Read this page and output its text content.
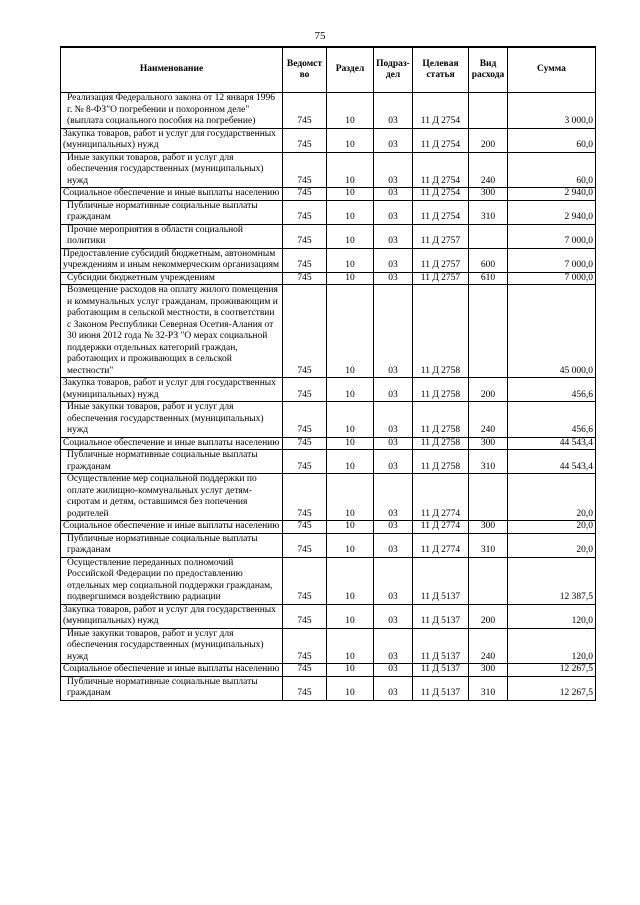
75
Наименование	Ведомст во	Раздел	Подраз- дел	Целевая статья	Вид расхода	Сумма
Реализация Федерального закона от 12 января 1996 г. № 8-ФЗ"О погребении и похоронном деле" (выплата социального пособия на погребение)	745	10	03	11 Д 2754		3 000,0
Закупка товаров, работ и услуг для государственных (муниципальных) нужд	745	10	03	11 Д 2754	200	60,0
Иные закупки товаров, работ и услуг для обеспечения государственных (муниципальных) нужд	745	10	03	11 Д 2754	240	60,0
Социальное обеспечение и иные выплаты населению	745	10	03	11 Д 2754	300	2 940,0
Публичные нормативные социальные выплаты гражданам	745	10	03	11 Д 2754	310	2 940,0
Прочие мероприятия в области социальной политики	745	10	03	11 Д 2757		7 000,0
Предоставление субсидий бюджетным, автономным учреждениям и иным некоммерческим организациям	745	10	03	11 Д 2757	600	7 000,0
Субсидии бюджетным учреждениям	745	10	03	11 Д 2757	610	7 000,0
Возмещение расходов на оплату жилого помещения и коммунальных услуг гражданам, проживающим и работающим в сельской местности, в соответствии с Законом Республики Северная Осетия-Алания от 30 июня 2012 года № 32-РЗ "О мерах социальной поддержки отдельных категорий граждан, работающих и проживающих в сельской местности"	745	10	03	11 Д 2758		45 000,0
Закупка товаров, работ и услуг для государственных (муниципальных) нужд	745	10	03	11 Д 2758	200	456,6
Иные закупки товаров, работ и услуг для обеспечения государственных (муниципальных) нужд	745	10	03	11 Д 2758	240	456,6
Социальное обеспечение и иные выплаты населению	745	10	03	11 Д 2758	300	44 543,4
Публичные нормативные социальные выплаты гражданам	745	10	03	11 Д 2758	310	44 543,4
Осуществление мер социальной поддержки по оплате жилищно-коммунальных услуг детям-сиротам и детям, оставшимся без попечения родителей	745	10	03	11 Д 2774		20,0
Социальное обеспечение и иные выплаты населению	745	10	03	11 Д 2774	300	20,0
Публичные нормативные социальные выплаты гражданам	745	10	03	11 Д 2774	310	20,0
Осуществление переданных полномочий Российской Федерации по предоставлению отдельных мер социальной поддержки гражданам, подвергшимся воздействию радиации	745	10	03	11 Д 5137		12 387,5
Закупка товаров, работ и услуг для государственных (муниципальных) нужд	745	10	03	11 Д 5137	200	120,0
Иные закупки товаров, работ и услуг для обеспечения государственных (муниципальных) нужд	745	10	03	11 Д 5137	240	120,0
Социальное обеспечение и иные выплаты населению	745	10	03	11 Д 5137	300	12 267,5
Публичные нормативные социальные выплаты гражданам	745	10	03	11 Д 5137	310	12 267,5
